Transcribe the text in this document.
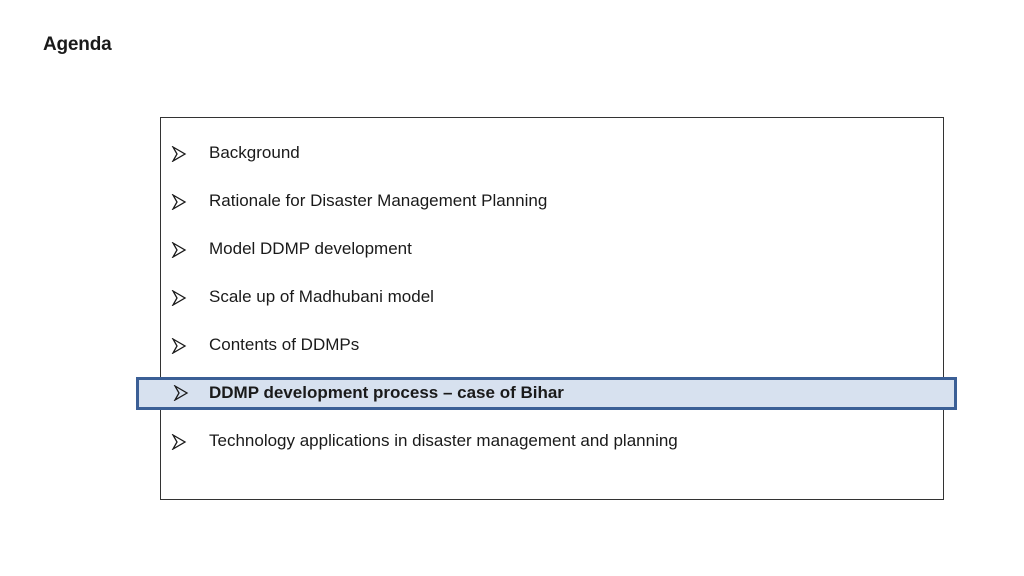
Agenda
Background
Rationale for Disaster Management Planning
Model DDMP development
Scale up of Madhubani model
Contents of DDMPs
Technology applications in disaster management and planning
DDMP development process – case of Bihar
